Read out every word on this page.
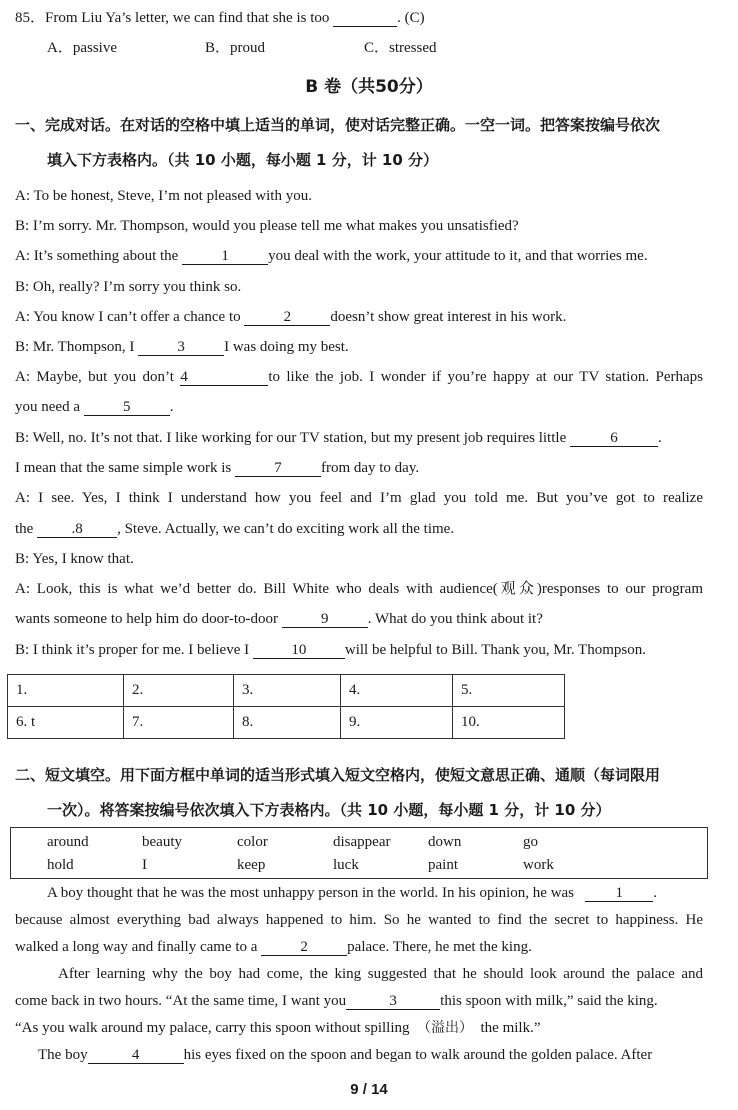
85．From Liu Ya’s letter, we can find that she is too	. (C)
A．passive	B．proud	C．stressed
B 卷（共50分）
一、完成对话。在对话的空格中填上适当的单词，使对话完整正确。一空一词。把答案按编号依次
填入下方表格内。（共 10 小题，每小题 1 分，计 10 分）
A: To be honest, Steve, I’m not pleased with you.
B: I’m sorry. Mr. Thompson, would you please tell me what makes you unsatisfied?
A: It’s something about the	1	you deal with the work, your attitude to it, and that worries me.
B: Oh, really? I’m sorry you think so.
A: You know I can’t offer a chance to	2	doesn’t show great interest in his work.
B: Mr. Thompson, I	3	I was doing my best.
A: Maybe, but you don’t 4	to like the job. I wonder if you’re happy at our TV station. Perhaps
you need a	5	.
B: Well, no. It’s not that. I like working for our TV station, but my present job requires little	6	.
I mean that the same simple work is	7	from day to day.
A: I see. Yes, I think I understand how you feel and I’m glad you told me. But you’ve got to realize
the	.8 , Steve. Actually, we can’t do exciting work all the time.
B: Yes, I know that.
A: Look, this is what we’d better do. Bill White who deals with audience(观众)responses to our program
wants someone to help him do door-to-door	9	. What do you think about it?
B: I think it’s proper for me. I believe I	10	will be helpful to Bill. Thank you, Mr. Thompson.
1.	2.	3.	4.	5.
6. t	7.	8.	9.	10.
二、短文填空。用下面方框中单词的适当形式填入短文空格内，使短文意思正确、通顺（每词限用
一次）。将答案按编号依次填入下方表格内。（共 10 小题，每小题 1 分，计 10 分）
around	beauty	color	disappear	down	go
hold	I	keep	luck	paint	work
A boy thought that he was the most unhappy person in the world. In his opinion, he was	1 .
because almost everything bad always happened to him. So he wanted to find the secret to happiness. He
walked a long way and finally came to a	2	palace. There, he met the king.
After learning why the boy had come, the king suggested that he should look around the palace and
come back in two hours. “At the same time, I want you	3	this spoon with milk,” said the king.
“As you walk around my palace, carry this spoon without spilling （溢出） the milk.”
The boy	4	his eyes fixed on the spoon and began to walk around the golden palace. After
9 / 14
